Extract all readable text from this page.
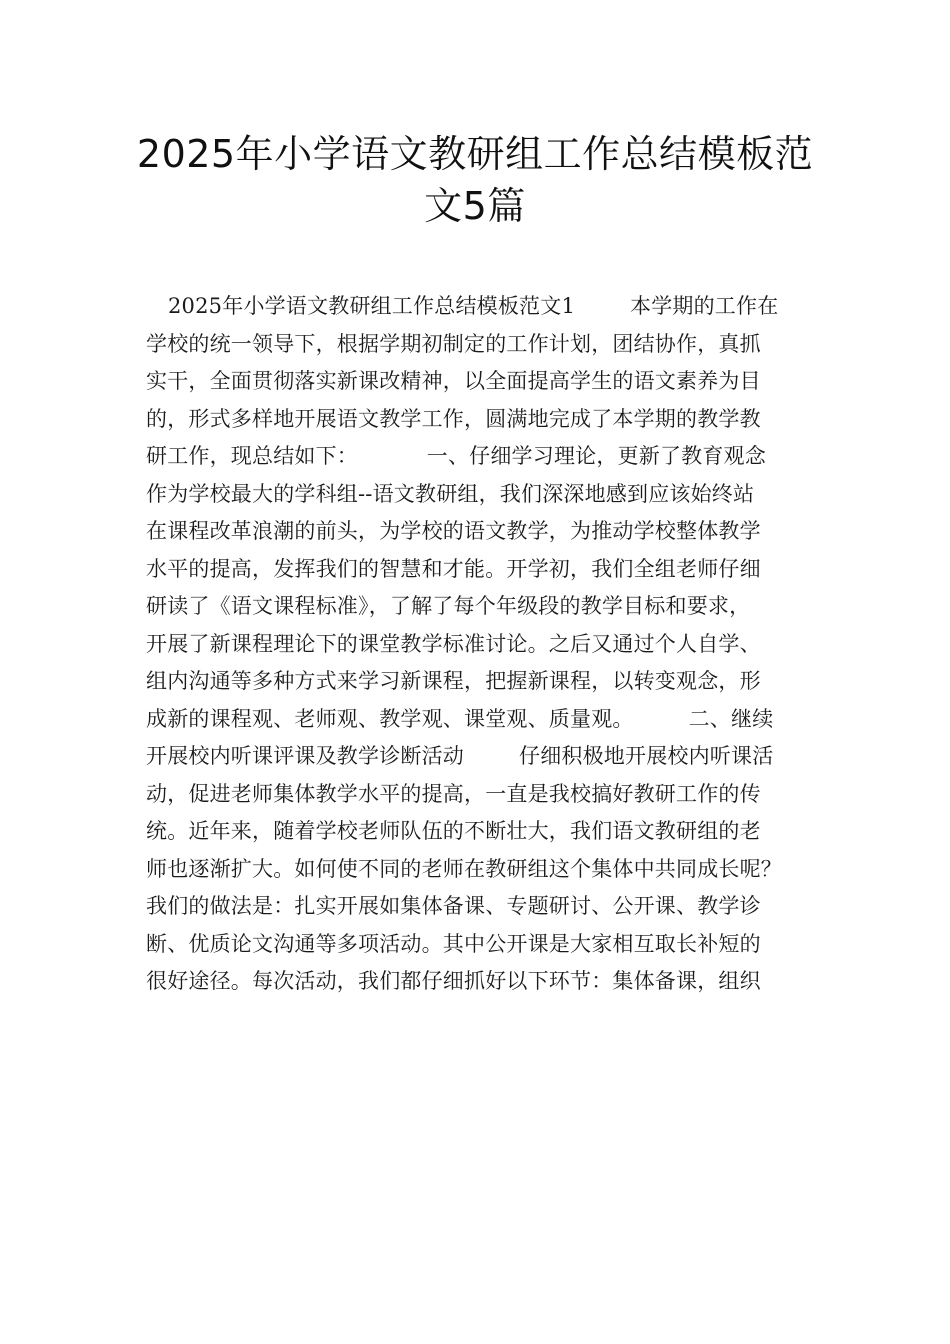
2025年小学语文教研组工作总结模板范
文5篇
2025年小学语文教研组工作总结模板范文1        本学期的工作在
学校的统一领导下，根据学期初制定的工作计划，团结协作，真抓
实干，全面贯彻落实新课改精神，以全面提高学生的语文素养为目
的，形式多样地开展语文教学工作，圆满地完成了本学期的教学教
研工作，现总结如下：          一、仔细学习理论，更新了教育观念
作为学校最大的学科组--语文教研组，我们深深地感到应该始终站
在课程改革浪潮的前头，为学校的语文教学，为推动学校整体教学
水平的提高，发挥我们的智慧和才能。开学初，我们全组老师仔细
研读了《语文课程标准》，了解了每个年级段的教学目标和要求，
开展了新课程理论下的课堂教学标准讨论。之后又通过个人自学、
组内沟通等多种方式来学习新课程，把握新课程，以转变观念，形
成新的课程观、老师观、教学观、课堂观、质量观。        二、继续
开展校内听课评课及教学诊断活动        仔细积极地开展校内听课活
动，促进老师集体教学水平的提高，一直是我校搞好教研工作的传
统。近年来，随着学校老师队伍的不断壮大，我们语文教研组的老
师也逐渐扩大。如何使不同的老师在教研组这个集体中共同成长呢？
我们的做法是：扎实开展如集体备课、专题研讨、公开课、教学诊
断、优质论文沟通等多项活动。其中公开课是大家相互取长补短的
很好途径。每次活动，我们都仔细抓好以下环节：集体备课，组织
